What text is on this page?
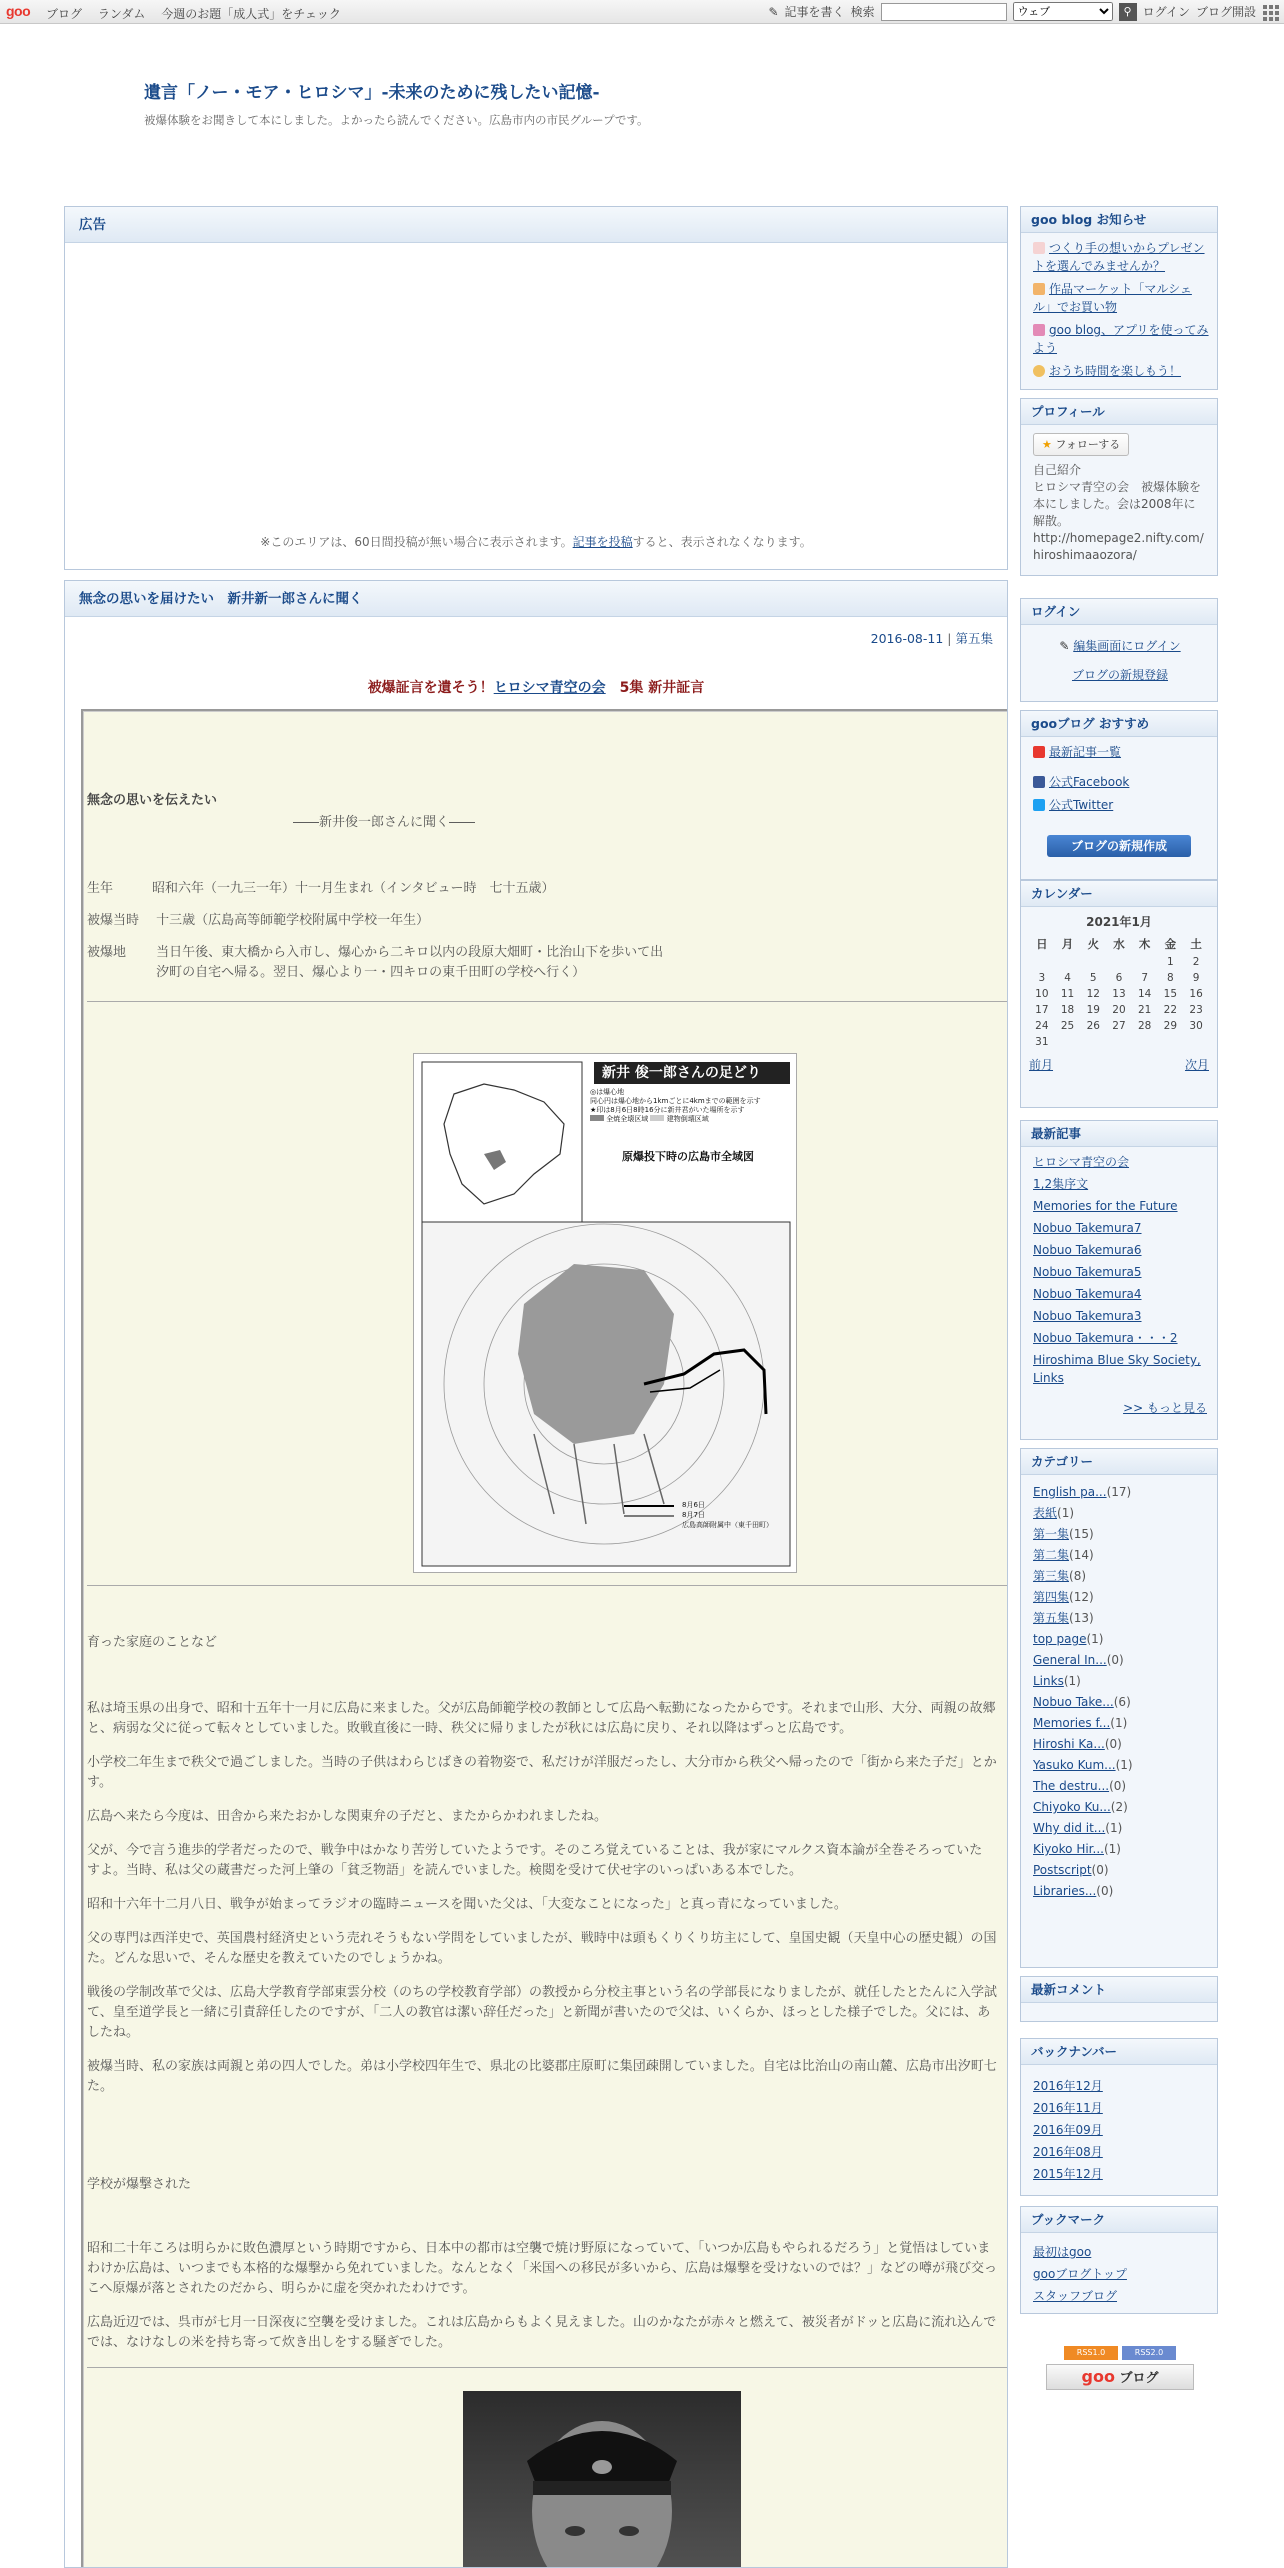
goo ブログ ランダム 今週のお題「成人式」をチェック	✎ 記事を書く 検索
ウェブ	⚲ ログイン ブログ開設
遺言「ノー・モア・ヒロシマ」-未来のために残したい記憶-
被爆体験をお聞きして本にしました。よかったら読んでください。広島市内の市民グループです。
広告
※このエリアは、60日間投稿が無い場合に表示されます。記事を投稿すると、表示されなくなります。
無念の思いを届けたい　新井新一郎さんに聞く
2016-08-11 | 第五集
被爆証言を遺そう！ヒロシマ青空の会　5集 新井証言
無念の思いを伝えたい
――新井俊一郎さんに聞く――
生年　　　昭和六年（一九三一年）十一月生まれ（インタビュー時　七十五歳）
被爆当時　 十三歳（広島高等師範学校附属中学校一年生）
被爆地　　 当日午後、東大橋から入市し、爆心から二キロ以内の段原大畑町・比治山下を歩いて出
　　　　　 汐町の自宅へ帰る。翌日、爆心より一・四キロの東千田町の学校へ行く）
新井 俊一郎さんの足どり
◎は爆心地
同心円は爆心地から1kmごとに4kmまでの範囲を示す
★印は8月6日8時16分に新井君がいた場所を示す
全焼全壊区域	建物倒壊区域
原爆投下時の広島市全域図
8月6日
8月7日
広島高師附属中（東千田町）
育った家庭のことなど
私は埼玉県の出身で、昭和十五年十一月に広島に来ました。父が広島師範学校の教師として広島へ転勤になったからです。それまで山形、大分、両親の故郷
と、病弱な父に従って転々としていました。敗戦直後に一時、秩父に帰りましたが秋には広島に戻り、それ以降はずっと広島です。
小学校二年生まで秩父で過ごしました。当時の子供はわらじばきの着物姿で、私だけが洋服だったし、大分市から秩父へ帰ったので「街から来た子だ」とか
す。
広島へ来たら今度は、田舎から来たおかしな関東弁の子だと、またからかわれましたね。
父が、今で言う進歩的学者だったので、戦争中はかなり苦労していたようです。そのころ覚えていることは、我が家にマルクス資本論が全巻そろっていた
すよ。当時、私は父の蔵書だった河上肇の「貧乏物語」を読んでいました。検閲を受けて伏せ字のいっぱいある本でした。
昭和十六年十二月八日、戦争が始まってラジオの臨時ニュースを聞いた父は、「大変なことになった」と真っ青になっていました。
父の専門は西洋史で、英国農村経済史という売れそうもない学問をしていましたが、戦時中は頭もくりくり坊主にして、皇国史観（天皇中心の歴史観）の国
た。どんな思いで、そんな歴史を教えていたのでしょうかね。
戦後の学制改革で父は、広島大学教育学部東雲分校（のちの学校教育学部）の教授から分校主事という名の学部長になりましたが、就任したとたんに入学試
て、皇至道学長と一緒に引責辞任したのですが、「二人の教官は潔い辞任だった」と新聞が書いたので父は、いくらか、ほっとした様子でした。父には、あ
したね。
被爆当時、私の家族は両親と弟の四人でした。弟は小学校四年生で、県北の比婆郡庄原町に集団疎開していました。自宅は比治山の南山麓、広島市出汐町七
た。
学校が爆撃された
昭和二十年ころは明らかに敗色濃厚という時期ですから、日本中の都市は空襲で焼け野原になっていて、「いつか広島もやられるだろう」と覚悟はしていま
わけか広島は、いつまでも本格的な爆撃から免れていました。なんとなく「米国への移民が多いから、広島は爆撃を受けないのでは？」などの噂が飛び交っ
こへ原爆が落とされたのだから、明らかに虚を突かれたわけです。
広島近辺では、呉市が七月一日深夜に空襲を受けました。これは広島からもよく見えました。山のかなたが赤々と燃えて、被災者がドッと広島に流れ込んで
では、なけなしの米を持ち寄って炊き出しをする騒ぎでした。
goo blog お知らせ
つくり手の想いからプレゼントを選んでみませんか？
作品マーケット「マルシェル」でお買い物
goo blog、アプリを使ってみよう
おうち時間を楽しもう！
プロフィール
★ フォローする
自己紹介
ヒロシマ青空の会　被爆体験を本にしました。会は2008年に解散。
http://homepage2.nifty.com/hiroshimaaozora/
ログイン
✎ 編集画面にログイン
ブログの新規登録
gooブログ おすすめ
最新記事一覧
公式Facebook
公式Twitter
ブログの新規作成
カレンダー
2021年1月
日	月	火	水	木	金	土
					1	2
3	4	5	6	7	8	9
10	11	12	13	14	15	16
17	18	19	20	21	22	23
24	25	26	27	28	29	30
31						
前月	次月
最新記事
ヒロシマ青空の会
1,2集序文
Memories for the Future
Nobuo Takemura7
Nobuo Takemura6
Nobuo Takemura5
Nobuo Takemura4
Nobuo Takemura3
Nobuo Takemura・・・2
Hiroshima Blue Sky Society, Links
>> もっと見る
カテゴリー
English pa...(17)
表紙(1)
第一集(15)
第二集(14)
第三集(8)
第四集(12)
第五集(13)
top page(1)
General In...(0)
Links(1)
Nobuo Take...(6)
Memories f...(1)
Hiroshi Ka...(0)
Yasuko Kum...(1)
The destru...(0)
Chiyoko Ku...(2)
Why did it...(1)
Kiyoko Hir...(1)
Postscript(0)
Libraries...(0)
最新コメント
バックナンバー
2016年12月
2016年11月
2016年09月
2016年08月
2015年12月
ブックマーク
最初はgoo
gooブログトップ
スタッフブログ
RSS1.0	RSS2.0
goo ブログ
